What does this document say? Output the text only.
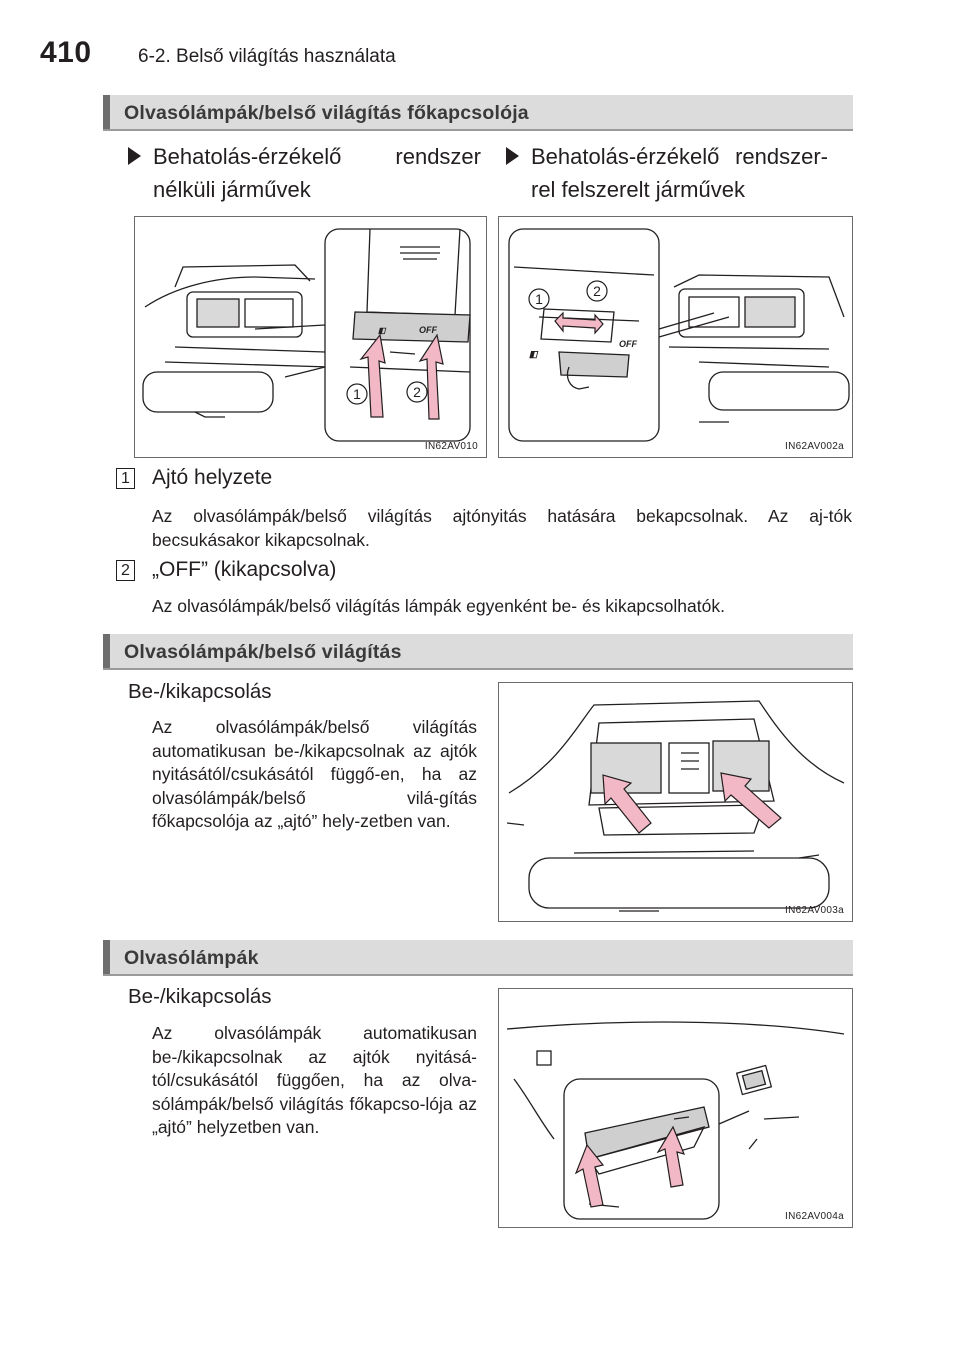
410 6-2. Belső világítás használata
Olvasólámpák/belső világítás főkapcsolója
Behatolás-érzékelő rendszer nélküli járművek
Behatolás-érzékelő rendszer-rel felszerelt járművek
◧	OFF
1	2
IN62AV010
◧
OFF
1	2
IN62AV002a
1 Ajtó helyzete
Az olvasólámpák/belső világítás ajtónyitás hatására bekapcsolnak. Az aj-tók becsukásakor kikapcsolnak.
2 „OFF” (kikapcsolva)
Az olvasólámpák/belső világítás lámpák egyenként be- és kikapcsolhatók.
Olvasólámpák/belső világítás
Be-/kikapcsolás
Az olvasólámpák/belső világítás automatikusan be-/kikapcsolnak az ajtók nyitásától/csukásától függő-en, ha az olvasólámpák/belső vilá-gítás főkapcsolója az „ajtó” hely-zetben van.
IN62AV003a
Olvasólámpák
Be-/kikapcsolás
Az olvasólámpák automatikusan be-/kikapcsolnak az ajtók nyitásá-tól/csukásától függően, ha az olva-sólámpák/belső világítás főkapcso-lója az „ajtó” helyzetben van.
IN62AV004a
